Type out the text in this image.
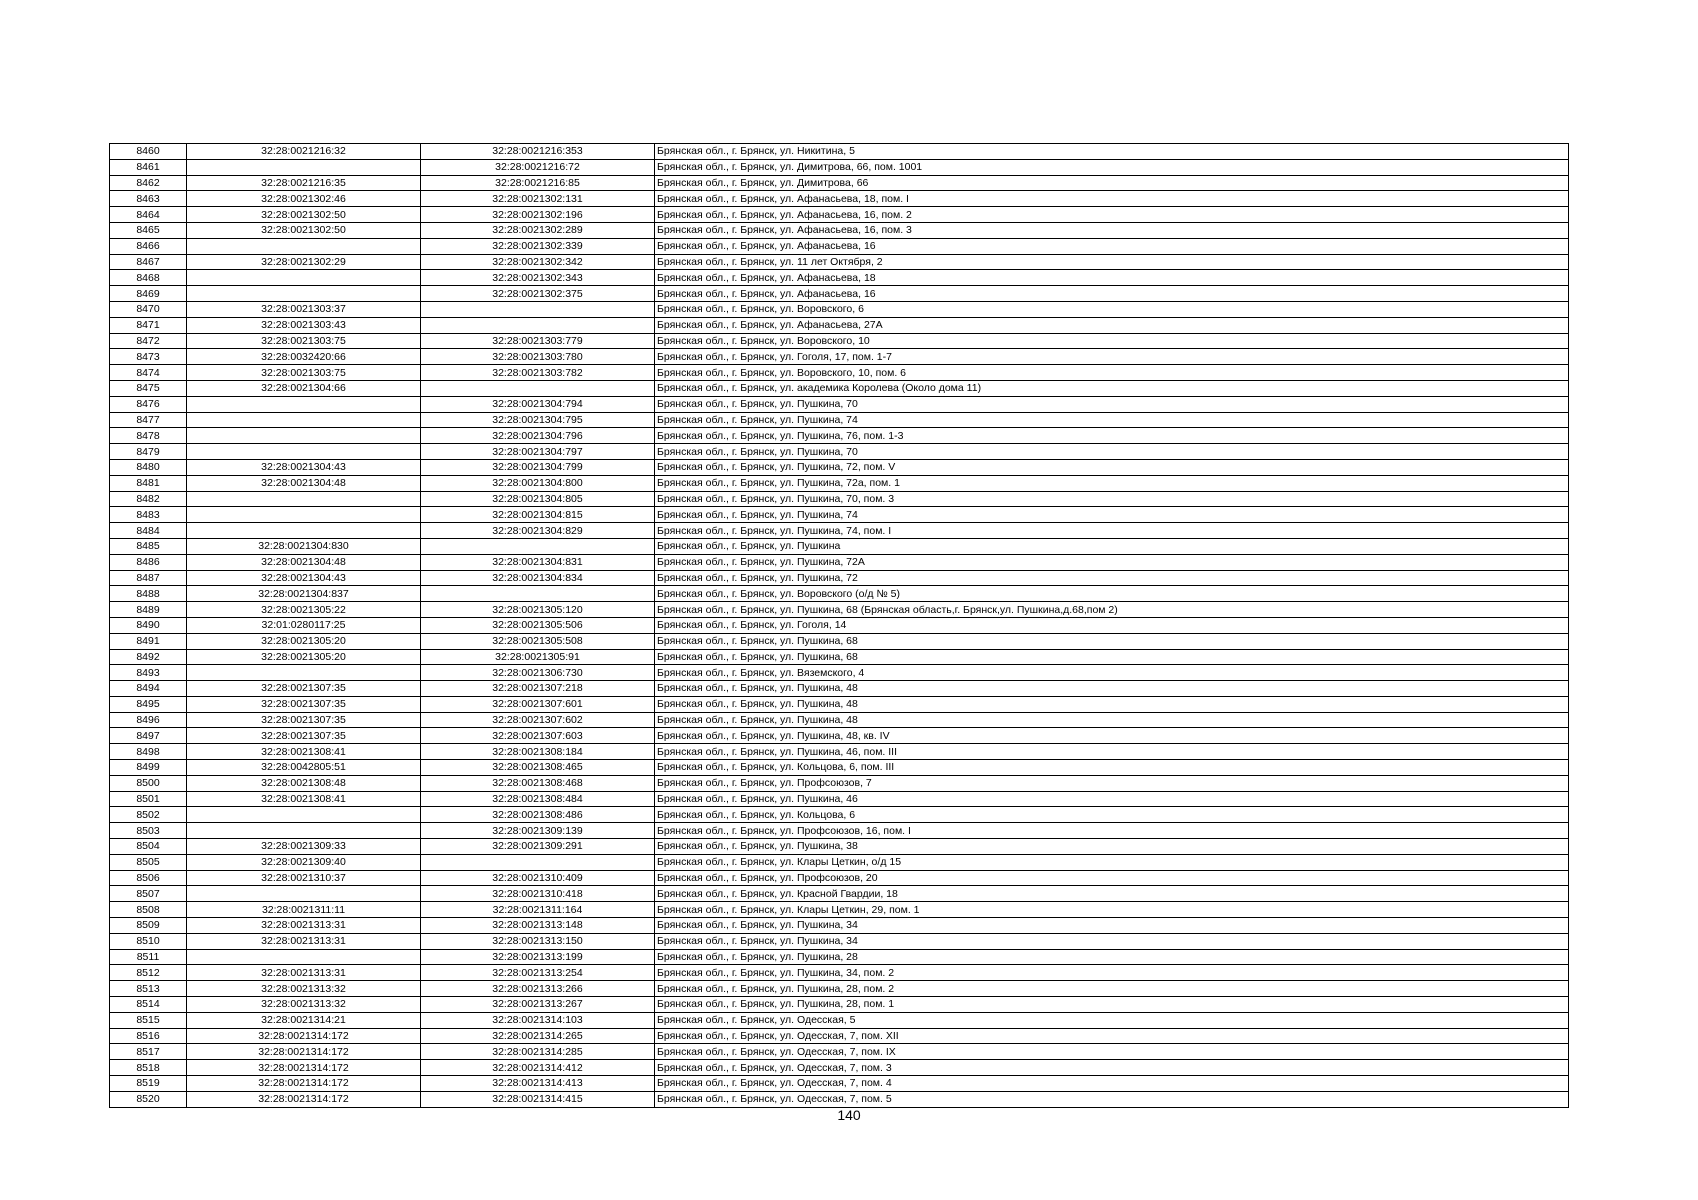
8460	32:28:0021216:32	32:28:0021216:353	Брянская обл., г. Брянск, ул. Никитина, 5
8461		32:28:0021216:72	Брянская обл., г. Брянск, ул. Димитрова, 66, пом. 1001
8462	32:28:0021216:35	32:28:0021216:85	Брянская обл., г. Брянск, ул. Димитрова, 66
8463	32:28:0021302:46	32:28:0021302:131	Брянская обл., г. Брянск, ул. Афанасьева, 18, пом. I
8464	32:28:0021302:50	32:28:0021302:196	Брянская обл., г. Брянск, ул. Афанасьева, 16, пом. 2
8465	32:28:0021302:50	32:28:0021302:289	Брянская обл., г. Брянск, ул. Афанасьева, 16, пом. 3
8466		32:28:0021302:339	Брянская обл., г. Брянск, ул. Афанасьева, 16
8467	32:28:0021302:29	32:28:0021302:342	Брянская обл., г. Брянск, ул. 11 лет Октября, 2
8468		32:28:0021302:343	Брянская обл., г. Брянск, ул. Афанасьева, 18
8469		32:28:0021302:375	Брянская обл., г. Брянск, ул. Афанасьева, 16
8470	32:28:0021303:37		Брянская обл., г. Брянск, ул. Воровского, 6
8471	32:28:0021303:43		Брянская обл., г. Брянск, ул. Афанасьева, 27А
8472	32:28:0021303:75	32:28:0021303:779	Брянская обл., г. Брянск, ул. Воровского, 10
8473	32:28:0032420:66	32:28:0021303:780	Брянская обл., г. Брянск, ул. Гоголя, 17, пом. 1-7
8474	32:28:0021303:75	32:28:0021303:782	Брянская обл., г. Брянск, ул. Воровского, 10, пом. 6
8475	32:28:0021304:66		Брянская обл., г. Брянск, ул. академика Королева (Около дома 11)
8476		32:28:0021304:794	Брянская обл., г. Брянск, ул. Пушкина, 70
8477		32:28:0021304:795	Брянская обл., г. Брянск, ул. Пушкина, 74
8478		32:28:0021304:796	Брянская обл., г. Брянск, ул. Пушкина, 76, пом. 1-3
8479		32:28:0021304:797	Брянская обл., г. Брянск, ул. Пушкина, 70
8480	32:28:0021304:43	32:28:0021304:799	Брянская обл., г. Брянск, ул. Пушкина, 72, пом. V
8481	32:28:0021304:48	32:28:0021304:800	Брянская обл., г. Брянск, ул. Пушкина, 72а, пом. 1
8482		32:28:0021304:805	Брянская обл., г. Брянск, ул. Пушкина, 70, пом. 3
8483		32:28:0021304:815	Брянская обл., г. Брянск, ул. Пушкина, 74
8484		32:28:0021304:829	Брянская обл., г. Брянск, ул. Пушкина, 74, пом. I
8485	32:28:0021304:830		Брянская обл., г. Брянск, ул. Пушкина
8486	32:28:0021304:48	32:28:0021304:831	Брянская обл., г. Брянск, ул. Пушкина, 72А
8487	32:28:0021304:43	32:28:0021304:834	Брянская обл., г. Брянск, ул. Пушкина, 72
8488	32:28:0021304:837		Брянская обл., г. Брянск, ул. Воровского (о/д № 5)
8489	32:28:0021305:22	32:28:0021305:120	Брянская обл., г. Брянск, ул. Пушкина, 68 (Брянская область,г. Брянск,ул. Пушкина,д.68,пом 2)
8490	32:01:0280117:25	32:28:0021305:506	Брянская обл., г. Брянск, ул. Гоголя, 14
8491	32:28:0021305:20	32:28:0021305:508	Брянская обл., г. Брянск, ул. Пушкина, 68
8492	32:28:0021305:20	32:28:0021305:91	Брянская обл., г. Брянск, ул. Пушкина, 68
8493		32:28:0021306:730	Брянская обл., г. Брянск, ул. Вяземского, 4
8494	32:28:0021307:35	32:28:0021307:218	Брянская обл., г. Брянск, ул. Пушкина, 48
8495	32:28:0021307:35	32:28:0021307:601	Брянская обл., г. Брянск, ул. Пушкина, 48
8496	32:28:0021307:35	32:28:0021307:602	Брянская обл., г. Брянск, ул. Пушкина, 48
8497	32:28:0021307:35	32:28:0021307:603	Брянская обл., г. Брянск, ул. Пушкина, 48, кв. IV
8498	32:28:0021308:41	32:28:0021308:184	Брянская обл., г. Брянск, ул. Пушкина, 46, пом. III
8499	32:28:0042805:51	32:28:0021308:465	Брянская обл., г. Брянск, ул. Кольцова, 6, пом. III
8500	32:28:0021308:48	32:28:0021308:468	Брянская обл., г. Брянск, ул. Профсоюзов, 7
8501	32:28:0021308:41	32:28:0021308:484	Брянская обл., г. Брянск, ул. Пушкина, 46
8502		32:28:0021308:486	Брянская обл., г. Брянск, ул. Кольцова, 6
8503		32:28:0021309:139	Брянская обл., г. Брянск, ул. Профсоюзов, 16, пом. I
8504	32:28:0021309:33	32:28:0021309:291	Брянская обл., г. Брянск, ул. Пушкина, 38
8505	32:28:0021309:40		Брянская обл., г. Брянск, ул. Клары Цеткин, о/д 15
8506	32:28:0021310:37	32:28:0021310:409	Брянская обл., г. Брянск, ул. Профсоюзов, 20
8507		32:28:0021310:418	Брянская обл., г. Брянск, ул. Красной Гвардии, 18
8508	32:28:0021311:11	32:28:0021311:164	Брянская обл., г. Брянск, ул. Клары Цеткин, 29, пом. 1
8509	32:28:0021313:31	32:28:0021313:148	Брянская обл., г. Брянск, ул. Пушкина, 34
8510	32:28:0021313:31	32:28:0021313:150	Брянская обл., г. Брянск, ул. Пушкина, 34
8511		32:28:0021313:199	Брянская обл., г. Брянск, ул. Пушкина, 28
8512	32:28:0021313:31	32:28:0021313:254	Брянская обл., г. Брянск, ул. Пушкина, 34, пом. 2
8513	32:28:0021313:32	32:28:0021313:266	Брянская обл., г. Брянск, ул. Пушкина, 28, пом. 2
8514	32:28:0021313:32	32:28:0021313:267	Брянская обл., г. Брянск, ул. Пушкина, 28, пом. 1
8515	32:28:0021314:21	32:28:0021314:103	Брянская обл., г. Брянск, ул. Одесская, 5
8516	32:28:0021314:172	32:28:0021314:265	Брянская обл., г. Брянск, ул. Одесская, 7, пом. XII
8517	32:28:0021314:172	32:28:0021314:285	Брянская обл., г. Брянск, ул. Одесская, 7, пом. IX
8518	32:28:0021314:172	32:28:0021314:412	Брянская обл., г. Брянск, ул. Одесская, 7, пом. 3
8519	32:28:0021314:172	32:28:0021314:413	Брянская обл., г. Брянск, ул. Одесская, 7, пом. 4
8520	32:28:0021314:172	32:28:0021314:415	Брянская обл., г. Брянск, ул. Одесская, 7, пом. 5
140
